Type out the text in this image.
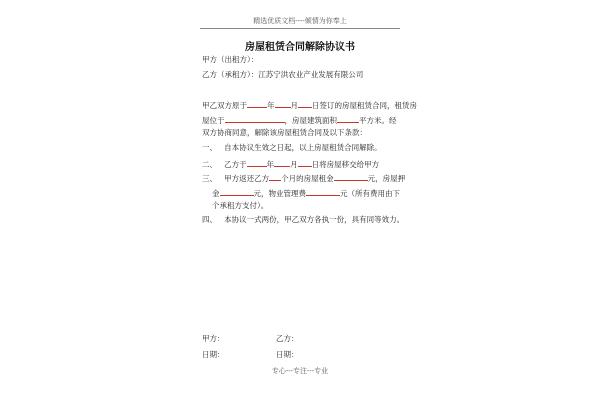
精选优质文档----倾情为你奉上
房屋租赁合同解除协议书
甲方（出租方）：
乙方（承租方）：江苏宁洪农业产业发展有限公司
甲乙双方原于	年 月 日签订的房屋租赁合同，租赁房
屋位于	，房屋建筑面积	平方米。经
双方协商同意，解除该房屋租赁合同及以下条款：
一、 自本协议生效之日起，以上房屋租赁合同解除。
二、 乙方于	年 月 日将房屋移交给甲方
三、 甲方返还乙方 个月的房屋租金	元，房屋押
金	元，物业管理费	元（所有费用由下
个承租方支付）。
四、 本协议一式两份，甲乙双方各执一份，具有同等效力。
甲方：	乙方：
日期：	日期：
专心---专注---专业
